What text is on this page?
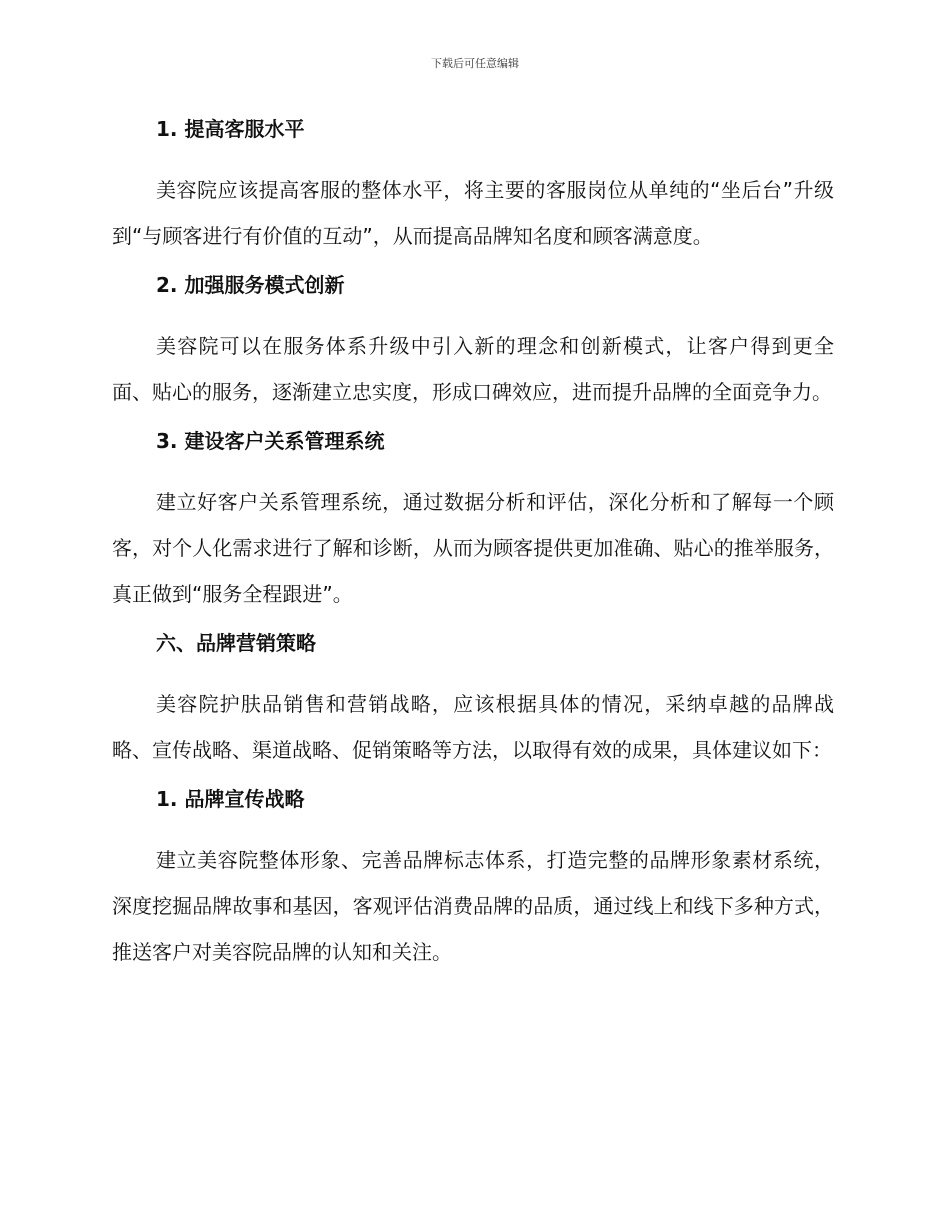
下载后可任意编辑
1. 提高客服水平
美容院应该提高客服的整体水平，将主要的客服岗位从单纯的“坐后台”升级到“与顾客进行有价值的互动”，从而提高品牌知名度和顾客满意度。
2. 加强服务模式创新
美容院可以在服务体系升级中引入新的理念和创新模式，让客户得到更全面、贴心的服务，逐渐建立忠实度，形成口碑效应，进而提升品牌的全面竞争力。
3. 建设客户关系管理系统
建立好客户关系管理系统，通过数据分析和评估，深化分析和了解每一个顾客，对个人化需求进行了解和诊断，从而为顾客提供更加准确、贴心的推举服务，真正做到“服务全程跟进”。
六、品牌营销策略
美容院护肤品销售和营销战略，应该根据具体的情况，采纳卓越的品牌战略、宣传战略、渠道战略、促销策略等方法，以取得有效的成果，具体建议如下：
1. 品牌宣传战略
建立美容院整体形象、完善品牌标志体系，打造完整的品牌形象素材系统，深度挖掘品牌故事和基因，客观评估消费品牌的品质，通过线上和线下多种方式，推送客户对美容院品牌的认知和关注。
